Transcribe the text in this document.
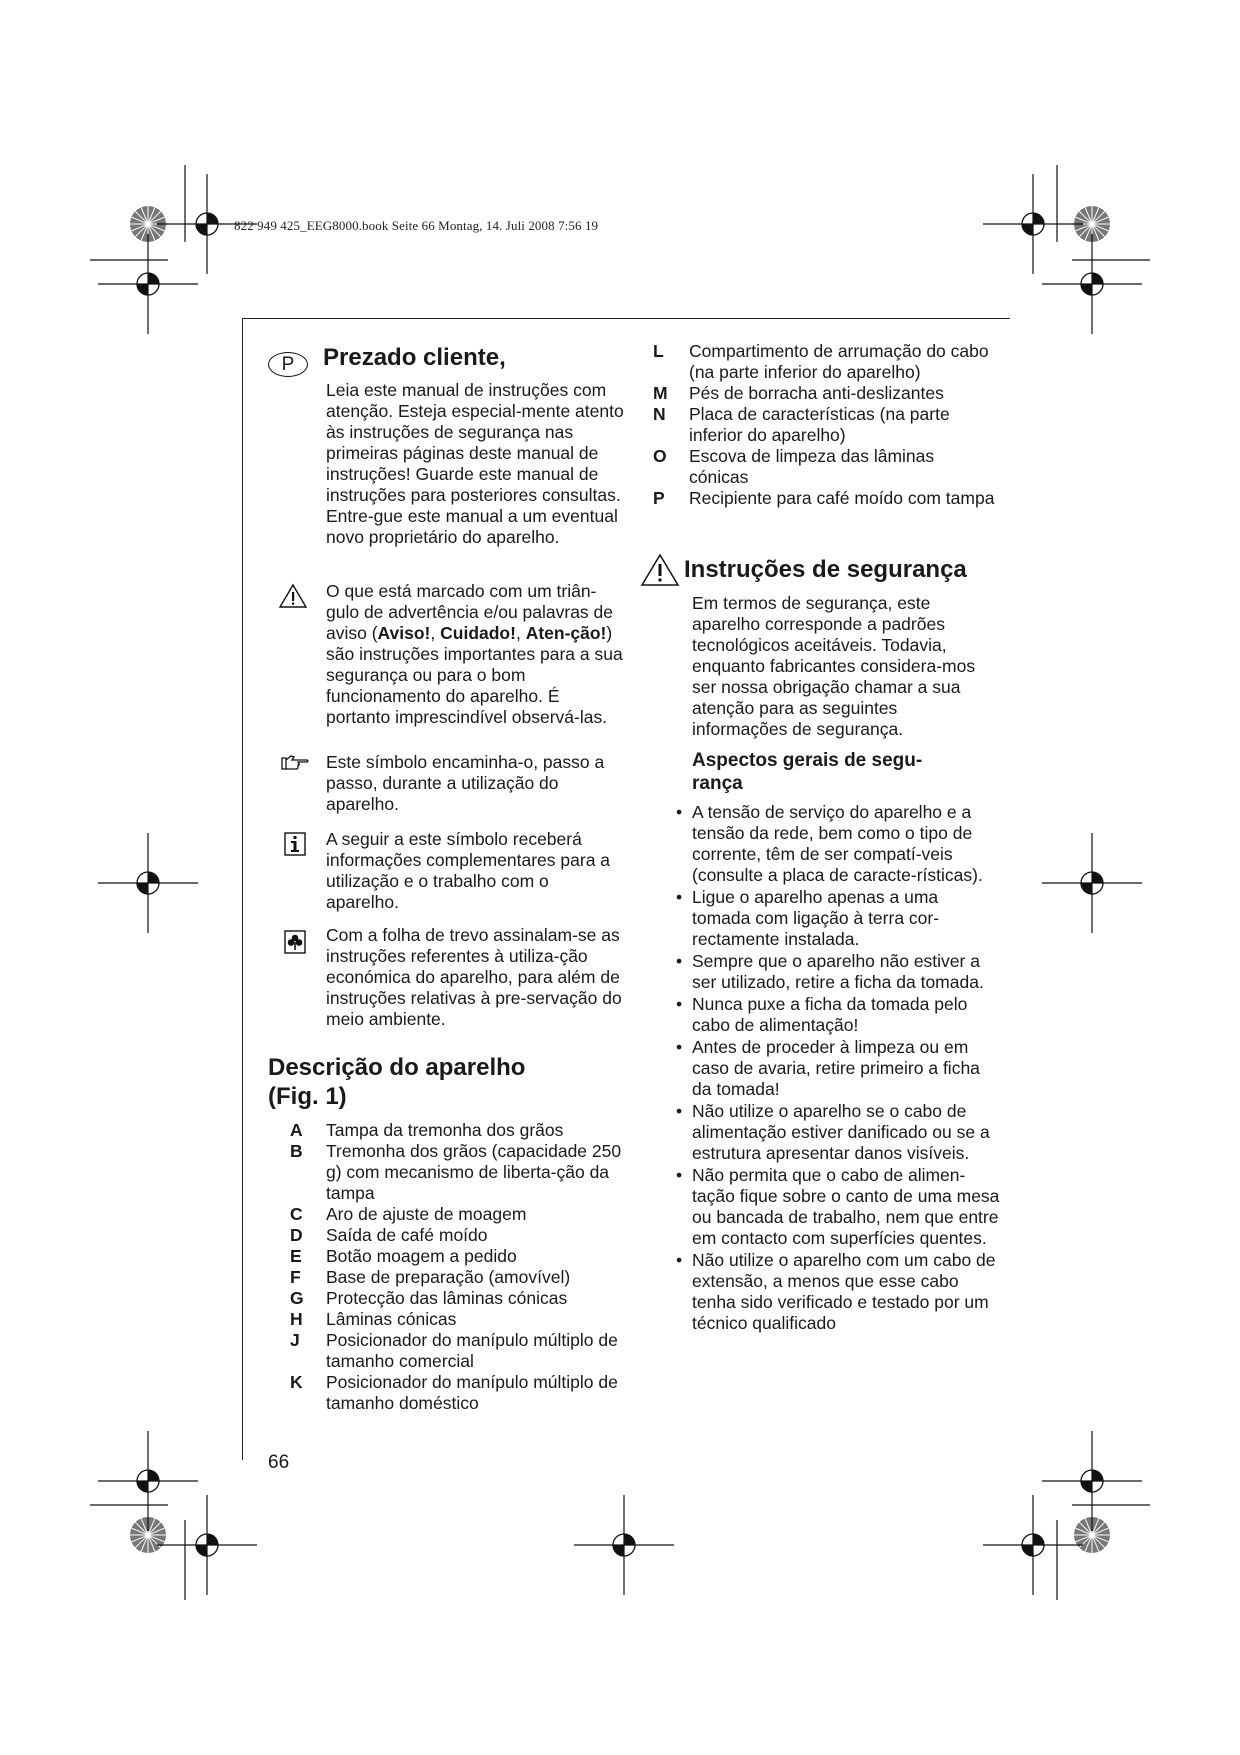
822 949 425_EEG8000.book Seite 66 Montag, 14. Juli 2008 7:56 19
P	Prezado cliente,

Leia este manual de instruções com atenção. Esteja especial-mente atento às instruções de segurança nas primeiras páginas deste manual de instruções! Guarde este manual de instruções para posteriores consultas. Entre-gue este manual a um eventual novo proprietário do aparelho.

O que está marcado com um triân-gulo de advertência e/ou palavras de aviso (Aviso!, Cuidado!, Aten-ção!) são instruções importantes para a sua segurança ou para o bom funcionamento do aparelho. É portanto imprescindível observá-las.

Este símbolo encaminha-o, passo a passo, durante a utilização do aparelho.

A seguir a este símbolo receberá informações complementares para a utilização e o trabalho com o aparelho.

Com a folha de trevo assinalam-se as instruções referentes à utiliza-ção económica do aparelho, para além de instruções relativas à pre-servação do meio ambiente.

Descrição do aparelho
(Fig. 1)
A	Tampa da tremonha dos grãos
B	Tremonha dos grãos (capacidade 250 g) com mecanismo de liberta-ção da tampa
C	Aro de ajuste de moagem
D	Saída de café moído
E	Botão moagem a pedido
F	Base de preparação (amovível)
G	Protecção das lâminas cónicas
H	Lâminas cónicas
J	Posicionador do manípulo múltiplo de tamanho comercial
K	Posicionador do manípulo múltiplo de tamanho doméstico
66
L	Compartimento de arrumação do cabo (na parte inferior do aparelho)
M	Pés de borracha anti-deslizantes
N	Placa de características (na parte inferior do aparelho)
O	Escova de limpeza das lâminas cónicas
P	Recipiente para café moído com tampa
Instruções de segurança

Em termos de segurança, este aparelho corresponde a padrões tecnológicos aceitáveis. Todavia, enquanto fabricantes considera-mos ser nossa obrigação chamar a sua atenção para as seguintes informações de segurança.

Aspectos gerais de segu-
rança
• A tensão de serviço do aparelho e a tensão da rede, bem como o tipo de corrente, têm de ser compatí-veis (consulte a placa de caracte-rísticas).
• Ligue o aparelho apenas a uma tomada com ligação à terra cor-rectamente instalada.
• Sempre que o aparelho não estiver a ser utilizado, retire a ficha da tomada.
• Nunca puxe a ficha da tomada pelo cabo de alimentação!
• Antes de proceder à limpeza ou em caso de avaria, retire primeiro a ficha da tomada!
• Não utilize o aparelho se o cabo de alimentação estiver danificado ou se a estrutura apresentar danos visíveis.
• Não permita que o cabo de alimen-tação fique sobre o canto de uma mesa ou bancada de trabalho, nem que entre em contacto com superfícies quentes.
• Não utilize o aparelho com um cabo de extensão, a menos que esse cabo tenha sido verificado e testado por um técnico qualificado
